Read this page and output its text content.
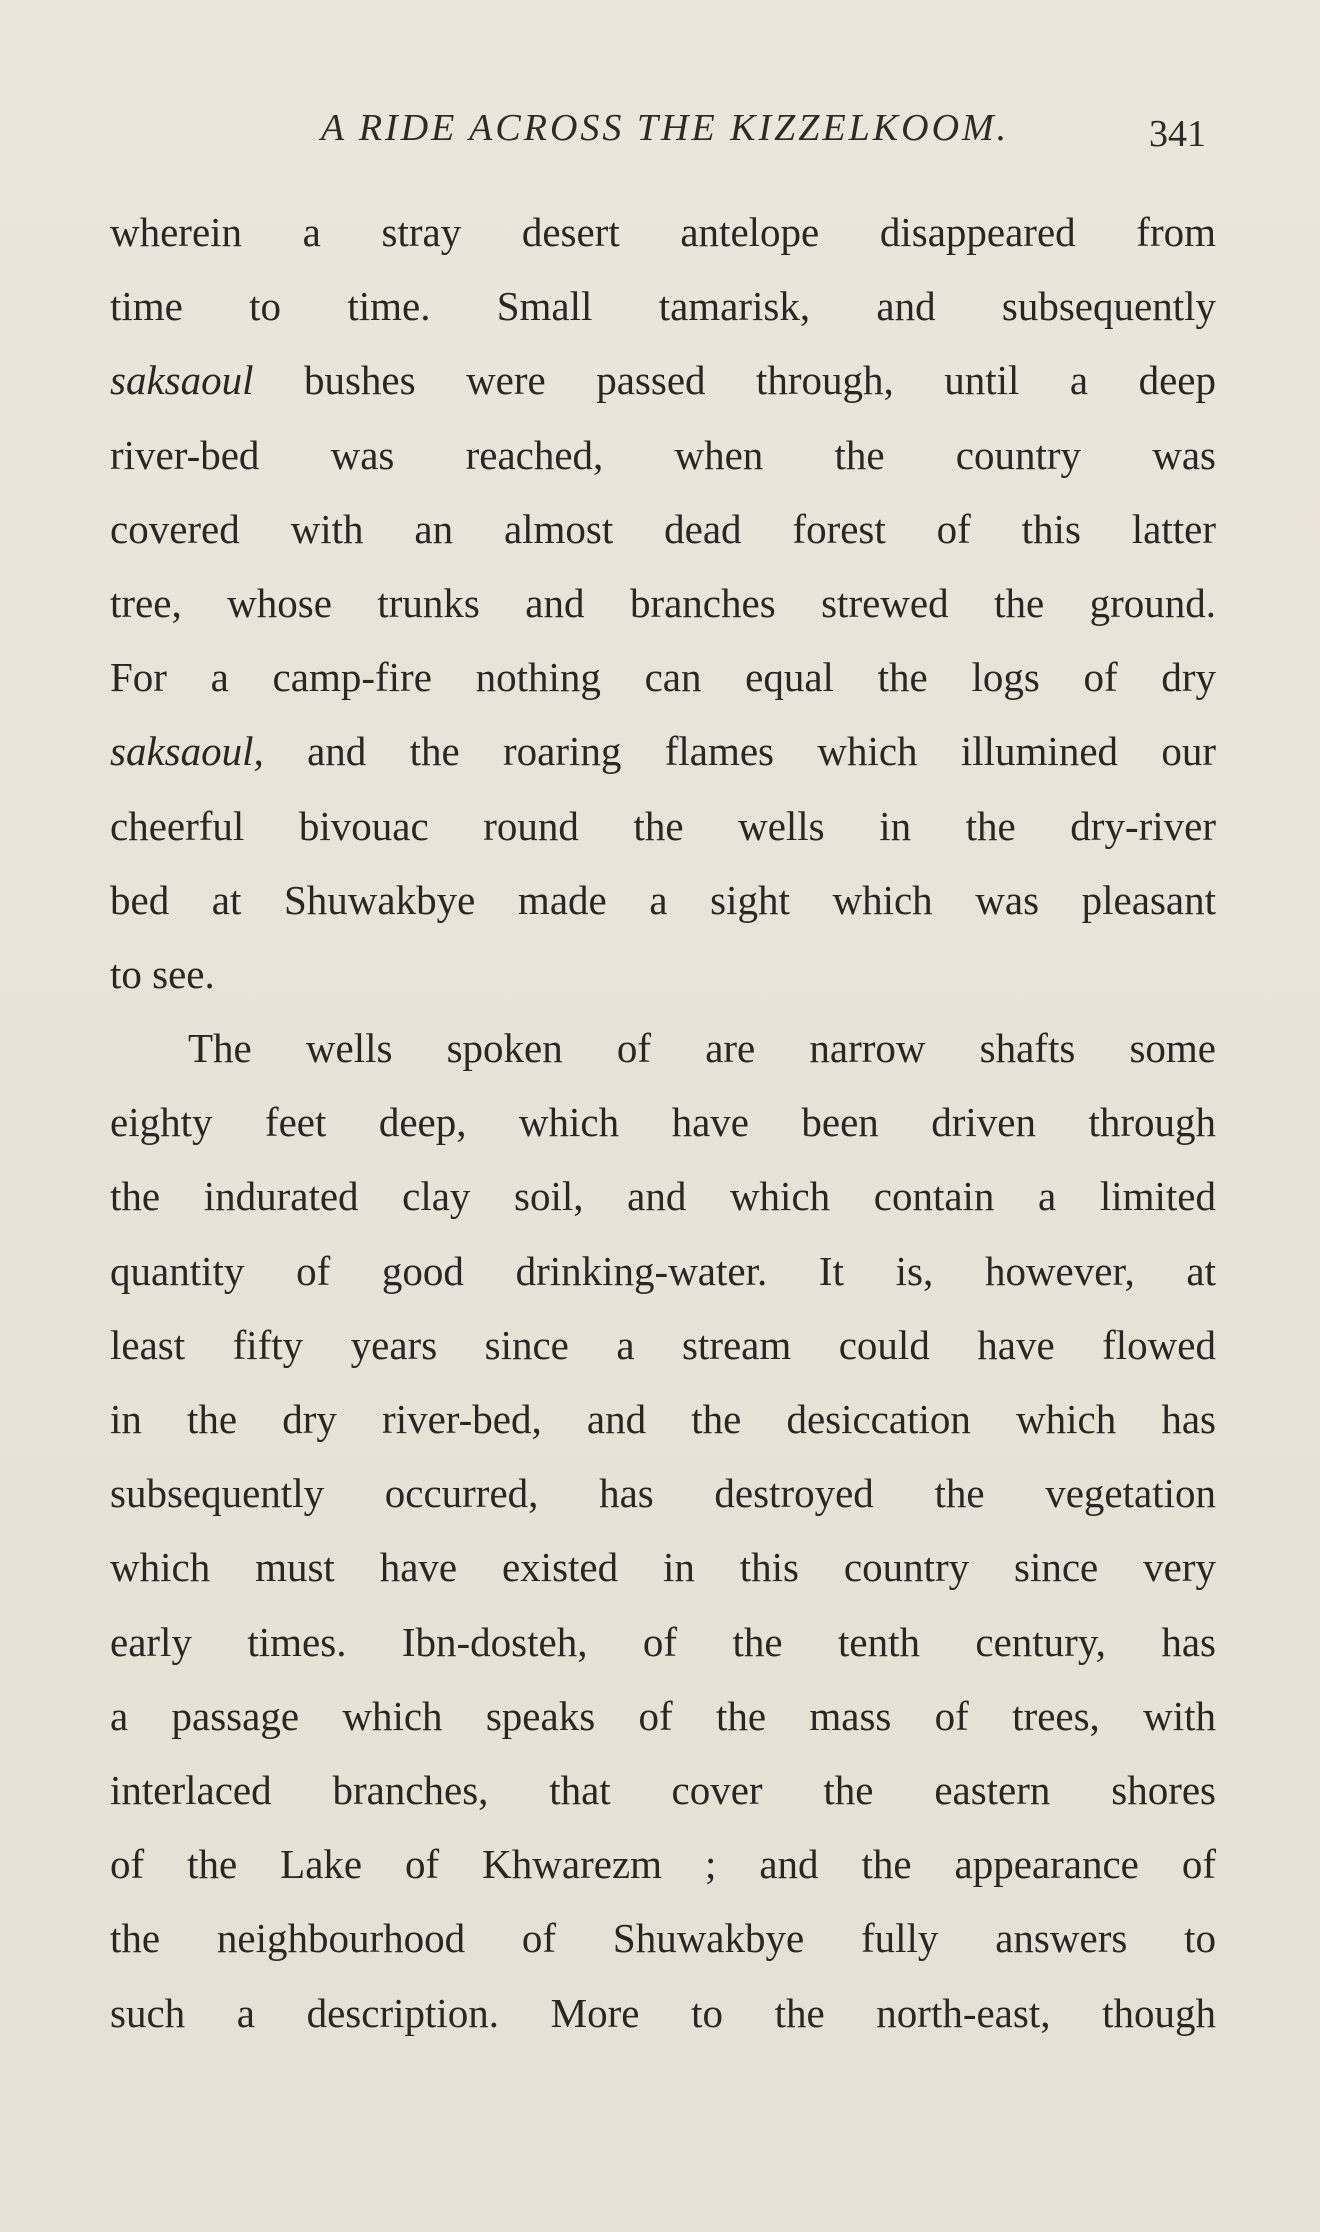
A RIDE ACROSS THE KIZZELKOOM.	341
wherein a stray desert antelope disappeared from
time to time. Small tamarisk, and subsequently
saksaoul bushes were passed through, until a deep
river-bed was reached, when the country was
covered with an almost dead forest of this latter
tree, whose trunks and branches strewed the ground.
For a camp-fire nothing can equal the logs of dry
saksaoul, and the roaring flames which illumined our
cheerful bivouac round the wells in the dry-river
bed at Shuwakbye made a sight which was pleasant
to see.
The wells spoken of are narrow shafts some
eighty feet deep, which have been driven through
the indurated clay soil, and which contain a limited
quantity of good drinking-water. It is, however, at
least fifty years since a stream could have flowed
in the dry river-bed, and the desiccation which has
subsequently occurred, has destroyed the vegetation
which must have existed in this country since very
early times. Ibn-dosteh, of the tenth century, has
a passage which speaks of the mass of trees, with
interlaced branches, that cover the eastern shores
of the Lake of Khwarezm ; and the appearance of
the neighbourhood of Shuwakbye fully answers to
such a description. More to the north-east, though
